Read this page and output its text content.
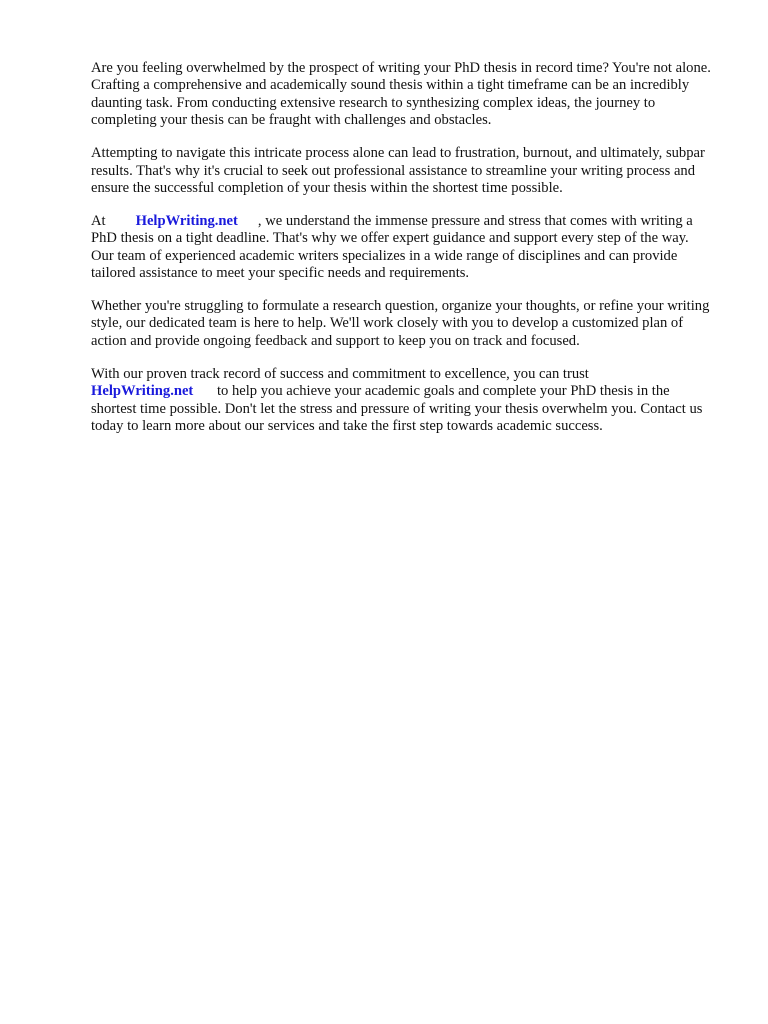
Are you feeling overwhelmed by the prospect of writing your PhD thesis in record time? You're not alone. Crafting a comprehensive and academically sound thesis within a tight timeframe can be an incredibly daunting task. From conducting extensive research to synthesizing complex ideas, the journey to completing your thesis can be fraught with challenges and obstacles.

Attempting to navigate this intricate process alone can lead to frustration, burnout, and ultimately, subpar results. That's why it's crucial to seek out professional assistance to streamline your writing process and ensure the successful completion of your thesis within the shortest time possible.

At HelpWriting.net , we understand the immense pressure and stress that comes with writing a PhD thesis on a tight deadline. That's why we offer expert guidance and support every step of the way. Our team of experienced academic writers specializes in a wide range of disciplines and can provide tailored assistance to meet your specific needs and requirements.

Whether you're struggling to formulate a research question, organize your thoughts, or refine your writing style, our dedicated team is here to help. We'll work closely with you to develop a customized plan of action and provide ongoing feedback and support to keep you on track and focused.

With our proven track record of success and commitment to excellence, you can trust
HelpWriting.net to help you achieve your academic goals and complete your PhD thesis in the shortest time possible. Don't let the stress and pressure of writing your thesis overwhelm you. Contact us today to learn more about our services and take the first step towards academic success.
